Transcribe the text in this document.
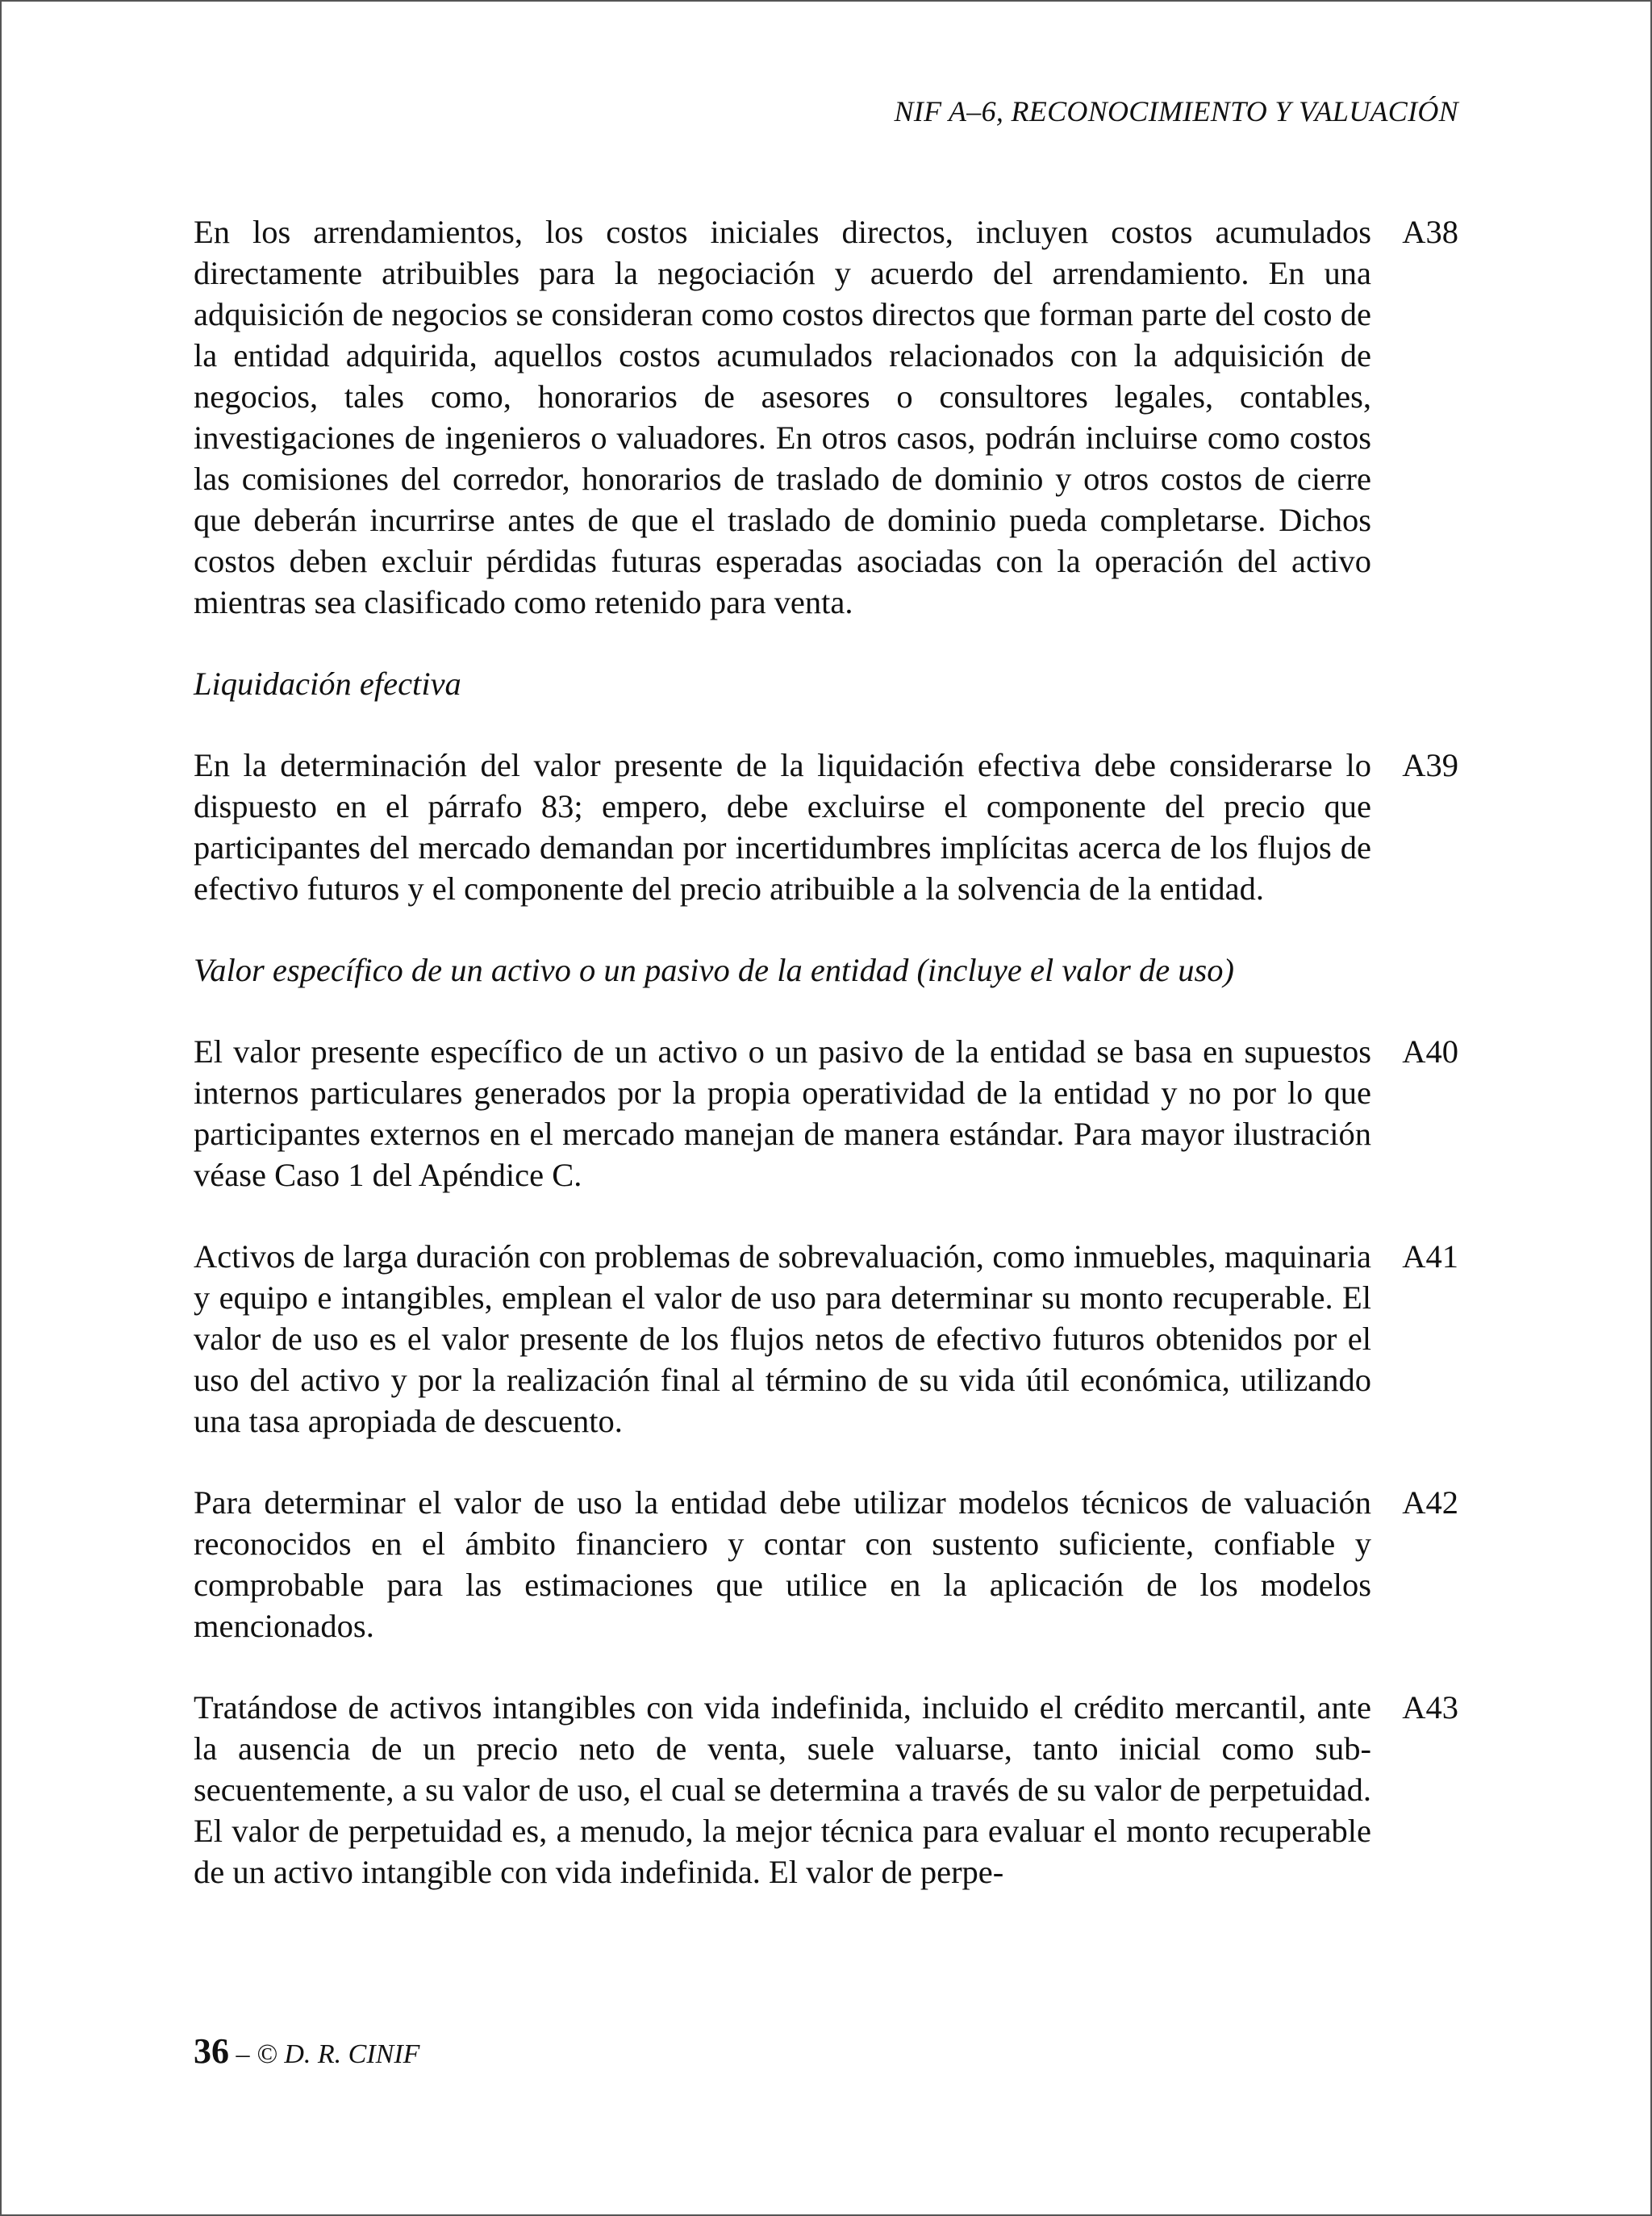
NIF A–6, RECONOCIMIENTO Y VALUACIÓN
En los arrendamientos, los costos iniciales directos, incluyen costos acumulados directamente atribuibles para la negociación y acuerdo del arrendamiento. En una adquisición de negocios se consideran como costos directos que forman parte del costo de la entidad adquirida, aquellos costos acumulados relacionados con la adquisición de negocios, tales como, honorarios de asesores o consultores legales, contables, investigaciones de ingenieros o valuadores. En otros casos, podrán incluirse como costos las comisiones del corredor, honorarios de traslado de dominio y otros costos de cierre que deberán incurrirse antes de que el traslado de dominio pueda completarse. Dichos costos deben excluir pérdidas futuras esperadas asociadas con la operación del activo mientras sea clasificado como retenido para venta.
A38
Liquidación efectiva
En la determinación del valor presente de la liquidación efectiva debe considerarse lo dispuesto en el párrafo 83; empero, debe excluirse el componente del precio que participantes del mercado demandan por incertidumbres implícitas acerca de los flujos de efectivo futuros y el componente del precio atribuible a la solvencia de la entidad.
A39
Valor específico de un activo o un pasivo de la entidad (incluye el valor de uso)
El valor presente específico de un activo o un pasivo de la entidad se basa en supuestos internos particulares generados por la propia operatividad de la entidad y no por lo que participantes externos en el mercado manejan de manera estándar. Para mayor ilustración véase Caso 1 del Apéndice C.
A40
Activos de larga duración con problemas de sobrevaluación, como inmuebles, maquinaria y equipo e intangibles, emplean el valor de uso para determinar su monto recuperable. El valor de uso es el valor presente de los flujos netos de efectivo futuros obtenidos por el uso del activo y por la realización final al término de su vida útil económica, utilizando una tasa apropiada de descuento.
A41
Para determinar el valor de uso la entidad debe utilizar modelos técnicos de valuación reconocidos en el ámbito financiero y contar con sustento suficiente, confiable y comprobable para las estimaciones que utilice en la aplicación de los modelos mencionados.
A42
Tratándose de activos intangibles con vida indefinida, incluido el crédito mercantil, ante la ausencia de un precio neto de venta, suele valuarse, tanto inicial como subsecuentemente, a su valor de uso, el cual se determina a través de su valor de perpetuidad. El valor de perpetuidad es, a menudo, la mejor técnica para evaluar el monto recuperable de un activo intangible con vida indefinida. El valor de perpe-
A43
36 – © D. R. CINIF
